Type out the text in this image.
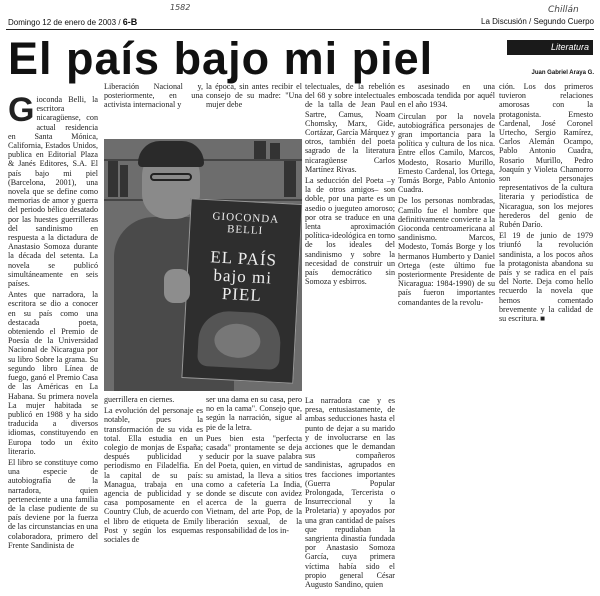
1582	Chillán
Domingo 12 de enero de 2003 / 6-B	La Discusión / Segundo Cuerpo
El país bajo mi piel	Literatura
Juan Gabriel Araya G.

Gioconda Belli, la escritora nicaragüense, con actual residencia en Santa Mónica, California, Estados Unidos, publica en Editorial Plaza & Janés Editores, S.A. El país bajo mi piel (Barcelona, 2001), una novela que se define como memorias de amor y guerra del periodo bélico desatado por las huestes guerrilleras del sandinismo en respuesta a la dictadura de Anastasio Somoza durante la década del setenta. La novela se publicó simultáneamente en seis países.

Antes que narradora, la escritora se dio a conocer en su país como una destacada poeta, obteniendo el Premio de Poesía de la Universidad Nacional de Nicaragua por su libro Sobre la grama. Su segundo libro Línea de fuego, ganó el Premio Casa de las Américas en La Habana. Su primera novela La mujer habitada se publicó en 1988 y ha sido traducida a diversos idiomas, constituyendo en Europa todo un éxito literario.

El libro se constituye como una especie de autobiografía de la narradora, quien perteneciente a una familia de la clase pudiente de su país deviene por la fuerza de las circunstancias en una colaboradora, primero del Frente Sandinista de

Liberación Nacional y, posteriormente, en una activista internacional y

la época, sin antes recibir el consejo de su madre: "Una mujer debe

GIOCONDA
BELLI
EL PAÍS
bajo mi
PIEL

guerrillera en ciernes.

La evolución del personaje es notable, pues la transformación de su vida es total. Ella estudia en un colegio de monjas de España; después publicidad y periodismo en Filadelfia. En la capital de su país: Managua, trabaja en una agencia de publicidad y se casa pomposamente en el Country Club, de acuerdo con el libro de etiqueta de Emily Post y según los esquemas sociales de

ser una dama en su casa, pero no en la cama". Consejo que, según la narración, sigue al pie de la letra.

Pues bien esta "perfecta casada" prontamente se deja seducir por la suave palabra del Poeta, quien, en virtud de su amistad, la lleva a sitios como a cafetería La India, donde se discute con avidez acerca de la guerra de Vietnam, del arte Pop, de la liberación sexual, de la responsabilidad de los in-

telectuales, de la rebelión del 68 y sobre intelectuales de la talla de Jean Paul Sartre, Camus, Noam Chomsky, Marx, Gide, Cortázar, García Márquez y otros, también del poeta sagrado de la literatura nicaragüense Carlos Martínez Rivas.

La seducción del Poeta –y la de otros amigos– son doble, por una parte es un asedio o jueguteo amoroso; por otra se traduce en una lenta aproximación política-ideológica en torno de los ideales del sandinismo y sobre la necesidad de construir un país democrático sin Somoza y esbirros.

La narradora cae y es presa, entusiastamente, de ambas seducciones hasta el punto de dejar a su marido y de involucrarse en las acciones que le demandan sus compañeros sandinistas, agrupados en tres facciones importantes (Guerra Popular Prolongada, Tercerista o Insurreccional y la Proletaria) y apoyados por una gran cantidad de países que repudiaban la sangrienta dinastía fundada por Anastasio Somoza García, cuya primera víctima había sido el propio general César Augusto Sandino, quien

es asesinado en una emboscada tendida por aquél en el año 1934.

Circulan por la novela autobiográfica personajes de gran importancia para la política y cultura de los nica. Entre ellos Camilo, Marcos, Modesto, Rosario Murillo, Ernesto Cardenal, los Ortega, Tomás Borge, Pablo Antonio Cuadra.

De los personas nombradas, Camilo fue el hombre que definitivamente convierte a la Gioconda centroamericana al sandinismo. Marcos, Modesto, Tomás Borge y los hermanos Humberto y Daniel Ortega (este último fue posteriormente Presidente de Nicaragua: 1984-1990) de su país fueron importantes comandantes de la revolu-

ción. Los dos primeros tuvieron relaciones amorosas con la protagonista. Ernesto Cardenal, José Coronel Urtecho, Sergio Ramírez, Carlos Alemán Ocampo, Pablo Antonio Cuadra, Rosario Murillo, Pedro Joaquín y Violeta Chamorro son personajes representativos de la cultura literaria y periodística de Nicaragua, son los mejores herederos del genio de Rubén Darío.

El 19 de junio de 1979 triunfó la revolución sandinista, a los pocos años la protagonista abandona su país y se radica en el país del Norte. Deja como hello recuerdo la novela que hemos comentado brevemente y la calidad de su escritura. ■
